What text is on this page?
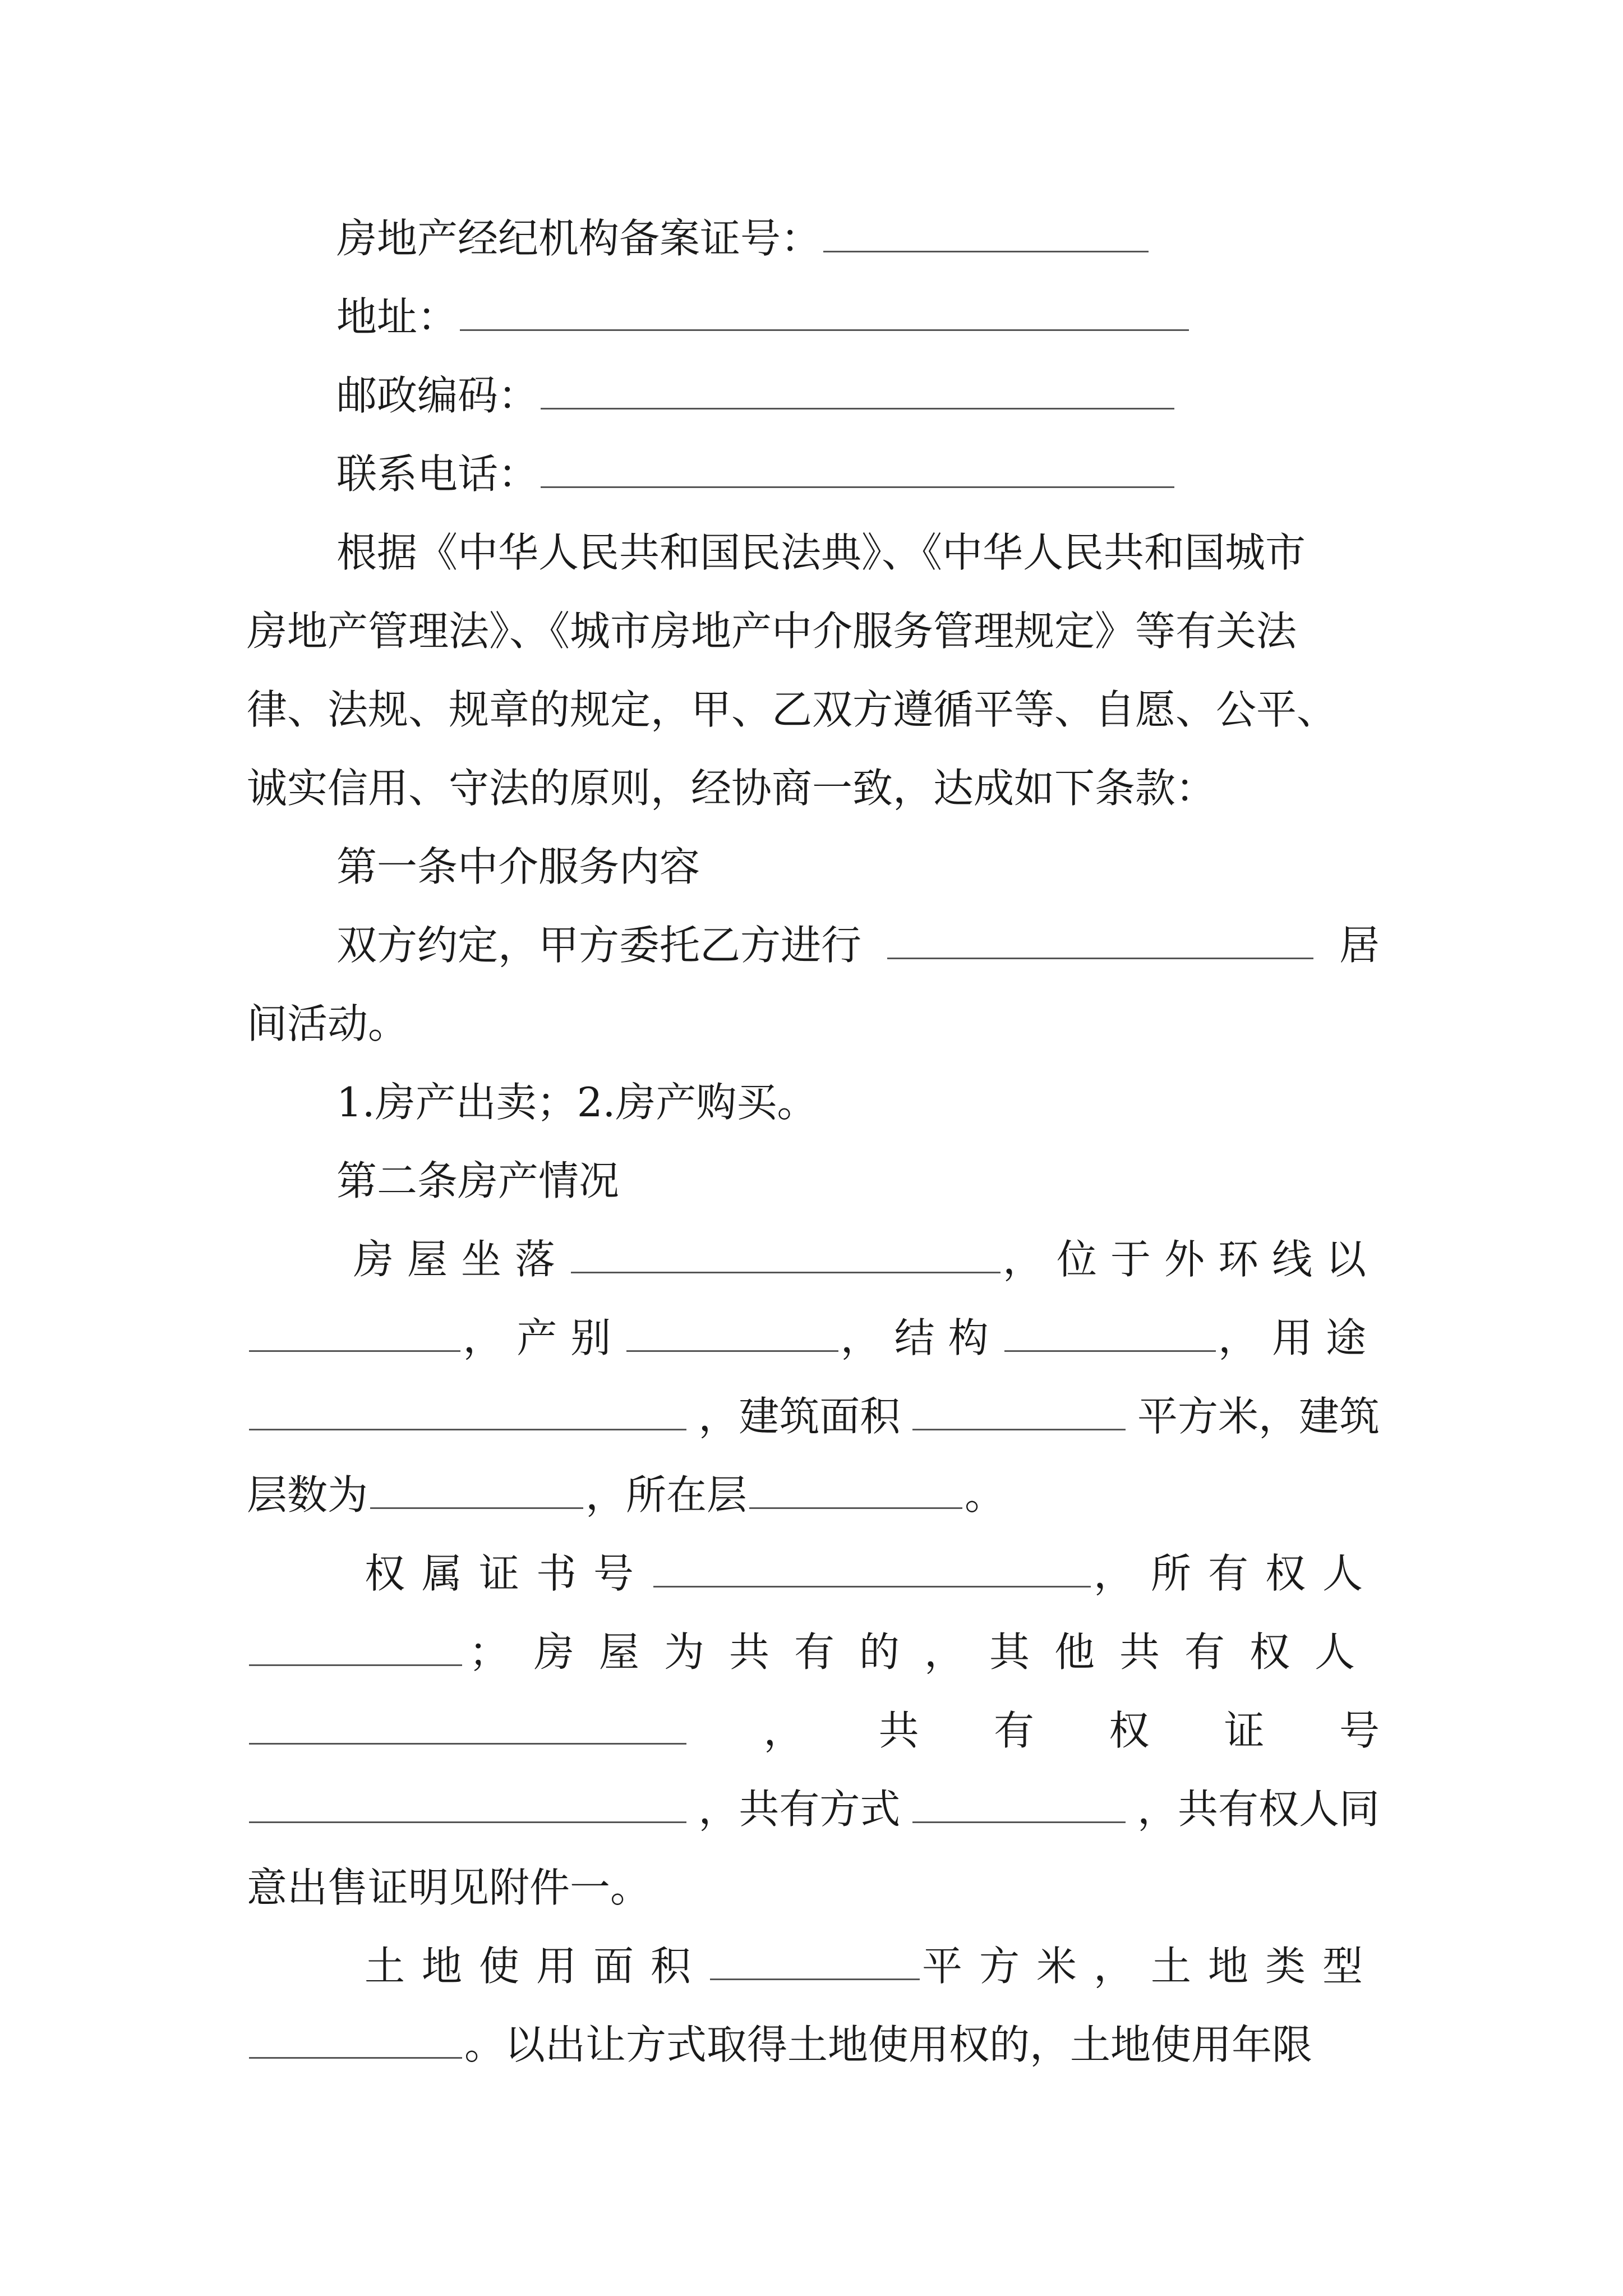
房地产经纪机构备案证号：
地址：
邮政编码：
联系电话：
根据《中华人民共和国民法典》、《中华人民共和国城市
房地产管理法》、《城市房地产中介服务管理规定》等有关法
律、法规、规章的规定，甲、乙双方遵循平等、自愿、公平、
诚实信用、守法的原则，经协商一致，达成如下条款：
第一条中介服务内容
双方约定，甲方委托乙方进行	居
间活动。
1.房产出卖；2.房产购买。
第二条房产情况
房屋坐落	，位于外环线以
，产别	，结构	，用途
，建筑面积	平方米，建筑
层数为	，所在层	。
权属证书号	，所有权人
；房屋为共有的，其他共有权人
， 共 有 权 证 号
，共有方式	，共有权人同
意出售证明见附件一。
土地使用面积	平方米，土地类型
。以出让方式取得土地使用权的，土地使用年限
